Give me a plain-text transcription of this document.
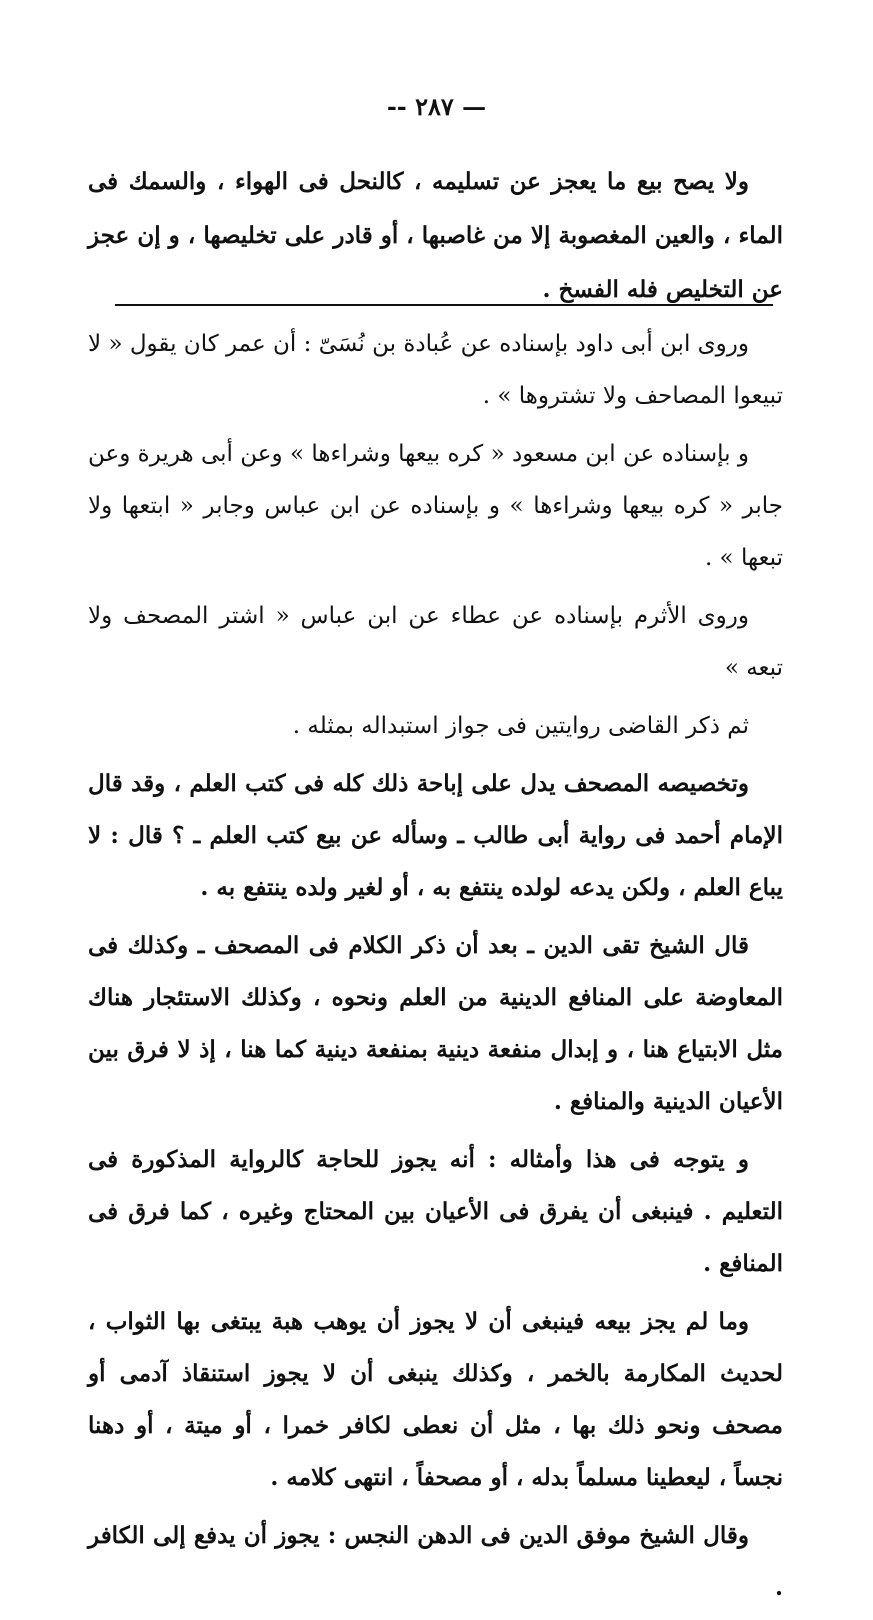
— ٢٨٧ --

ولا يصح بيع ما يعجز عن تسليمه ، كالنحل فى الهواء ، والسمك فى الماء ، والعين المغصوبة إلا من غاصبها ، أو قادر على تخليصها ، و إن عجز عن التخليص فله الفسخ .

وروى ابن أبى داود بإسناده عن عُبادة بن نُسَىّ : أن عمر كان يقول « لا تبيعوا المصاحف ولا تشتروها » .

و بإسناده عن ابن مسعود « كره بيعها وشراءها » وعن أبى هريرة وعن جابر « كره بيعها وشراءها » و بإسناده عن ابن عباس وجابر « ابتعها ولا تبعها » .

وروى الأثرم بإسناده عن عطاء عن ابن عباس « اشتر المصحف ولا تبعه »

ثم ذكر القاضى روايتين فى جواز استبداله بمثله .

وتخصيصه المصحف يدل على إباحة ذلك كله فى كتب العلم ، وقد قال الإمام أحمد فى رواية أبى طالب ـ وسأله عن بيع كتب العلم ـ ؟ قال : لا يباع العلم ، ولكن يدعه لولده ينتفع به ، أو لغير ولده ينتفع به .

قال الشيخ تقى الدين ـ بعد أن ذكر الكلام فى المصحف ـ وكذلك فى المعاوضة على المنافع الدينية من العلم ونحوه ، وكذلك الاستئجار هناك مثل الابتياع هنا ، و إبدال منفعة دينية بمنفعة دينية كما هنا ، إذ لا فرق بين الأعيان الدينية والمنافع .

و يتوجه فى هذا وأمثاله : أنه يجوز للحاجة كالرواية المذكورة فى التعليم . فينبغى أن يفرق فى الأعيان بين المحتاج وغيره ، كما فرق فى المنافع .

وما لم يجز بيعه فينبغى أن لا يجوز أن يوهب هبة يبتغى بها الثواب ، لحديث المكارمة بالخمر ، وكذلك ينبغى أن لا يجوز استنقاذ آدمى أو مصحف ونحو ذلك بها ، مثل أن نعطى لكافر خمرا ، أو ميتة ، أو دهنا نجساً ، ليعطينا مسلماً بدله ، أو مصحفاً ، انتهى كلامه .

وقال الشيخ موفق الدين فى الدهن النجس : يجوز أن يدفع إلى الكافر .
